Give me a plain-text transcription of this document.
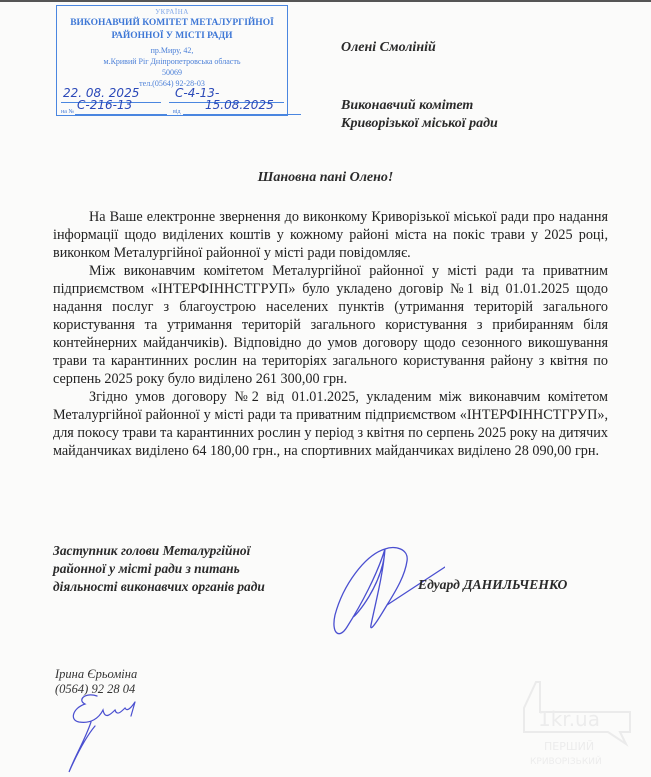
УКРАЇНА
ВИКОНАВЧИЙ КОМІТЕТ МЕТАЛУРГІЙНОЇ
РАЙОННОЇ У МІСТІ РАДИ
пр.Миру, 42,
м.Кривий Ріг Дніпропетровська область
50069
тел.(0564) 92-28-03
22. 08. 2025	С-4-13-
на № С-216-13	від 15.08.2025
Олені Смоліній
Виконавчий комітет
Криворізької міської ради
Шановна пані Олено!

На Ваше електронне звернення до виконкому Криворізької міської ради про надання інформації щодо виділених коштів у кожному районі міста на покіс трави у 2025 році, виконком Металургійної районної у місті ради повідомляє.

Між виконавчим комітетом Металургійної районної у місті ради та приватним підприємством «ІНТЕРФІННСТГРУП» було укладено договір №1 від 01.01.2025 щодо надання послуг з благоустрою населених пунктів (утримання територій загального користування та утримання територій загального користування з прибиранням біля контейнерних майданчиків). Відповідно до умов договору щодо сезонного викошування трави та карантинних рослин на територіях загального користування району з квітня по серпень 2025 року було виділено 261 300,00 грн.

Згідно умов договору №2 від 01.01.2025, укладеним між виконавчим комітетом Металургійної районної у місті ради та приватним підприємством «ІНТЕРФІННСТГРУП», для покосу трави та карантинних рослин у період з квітня по серпень 2025 року на дитячих майданчиках виділено 64 180,00 грн., на спортивних майданчиках виділено 28 090,00 грн.

Заступник голови Металургійної
районної у місті ради з питань
діяльності виконавчих органів ради	Едуард ДАНИЛЬЧЕНКО
Ірина Єрьоміна
(0564) 92 28 04
1kr.ua
ПЕРШИЙ
КРИВОРІЗЬКИЙ
